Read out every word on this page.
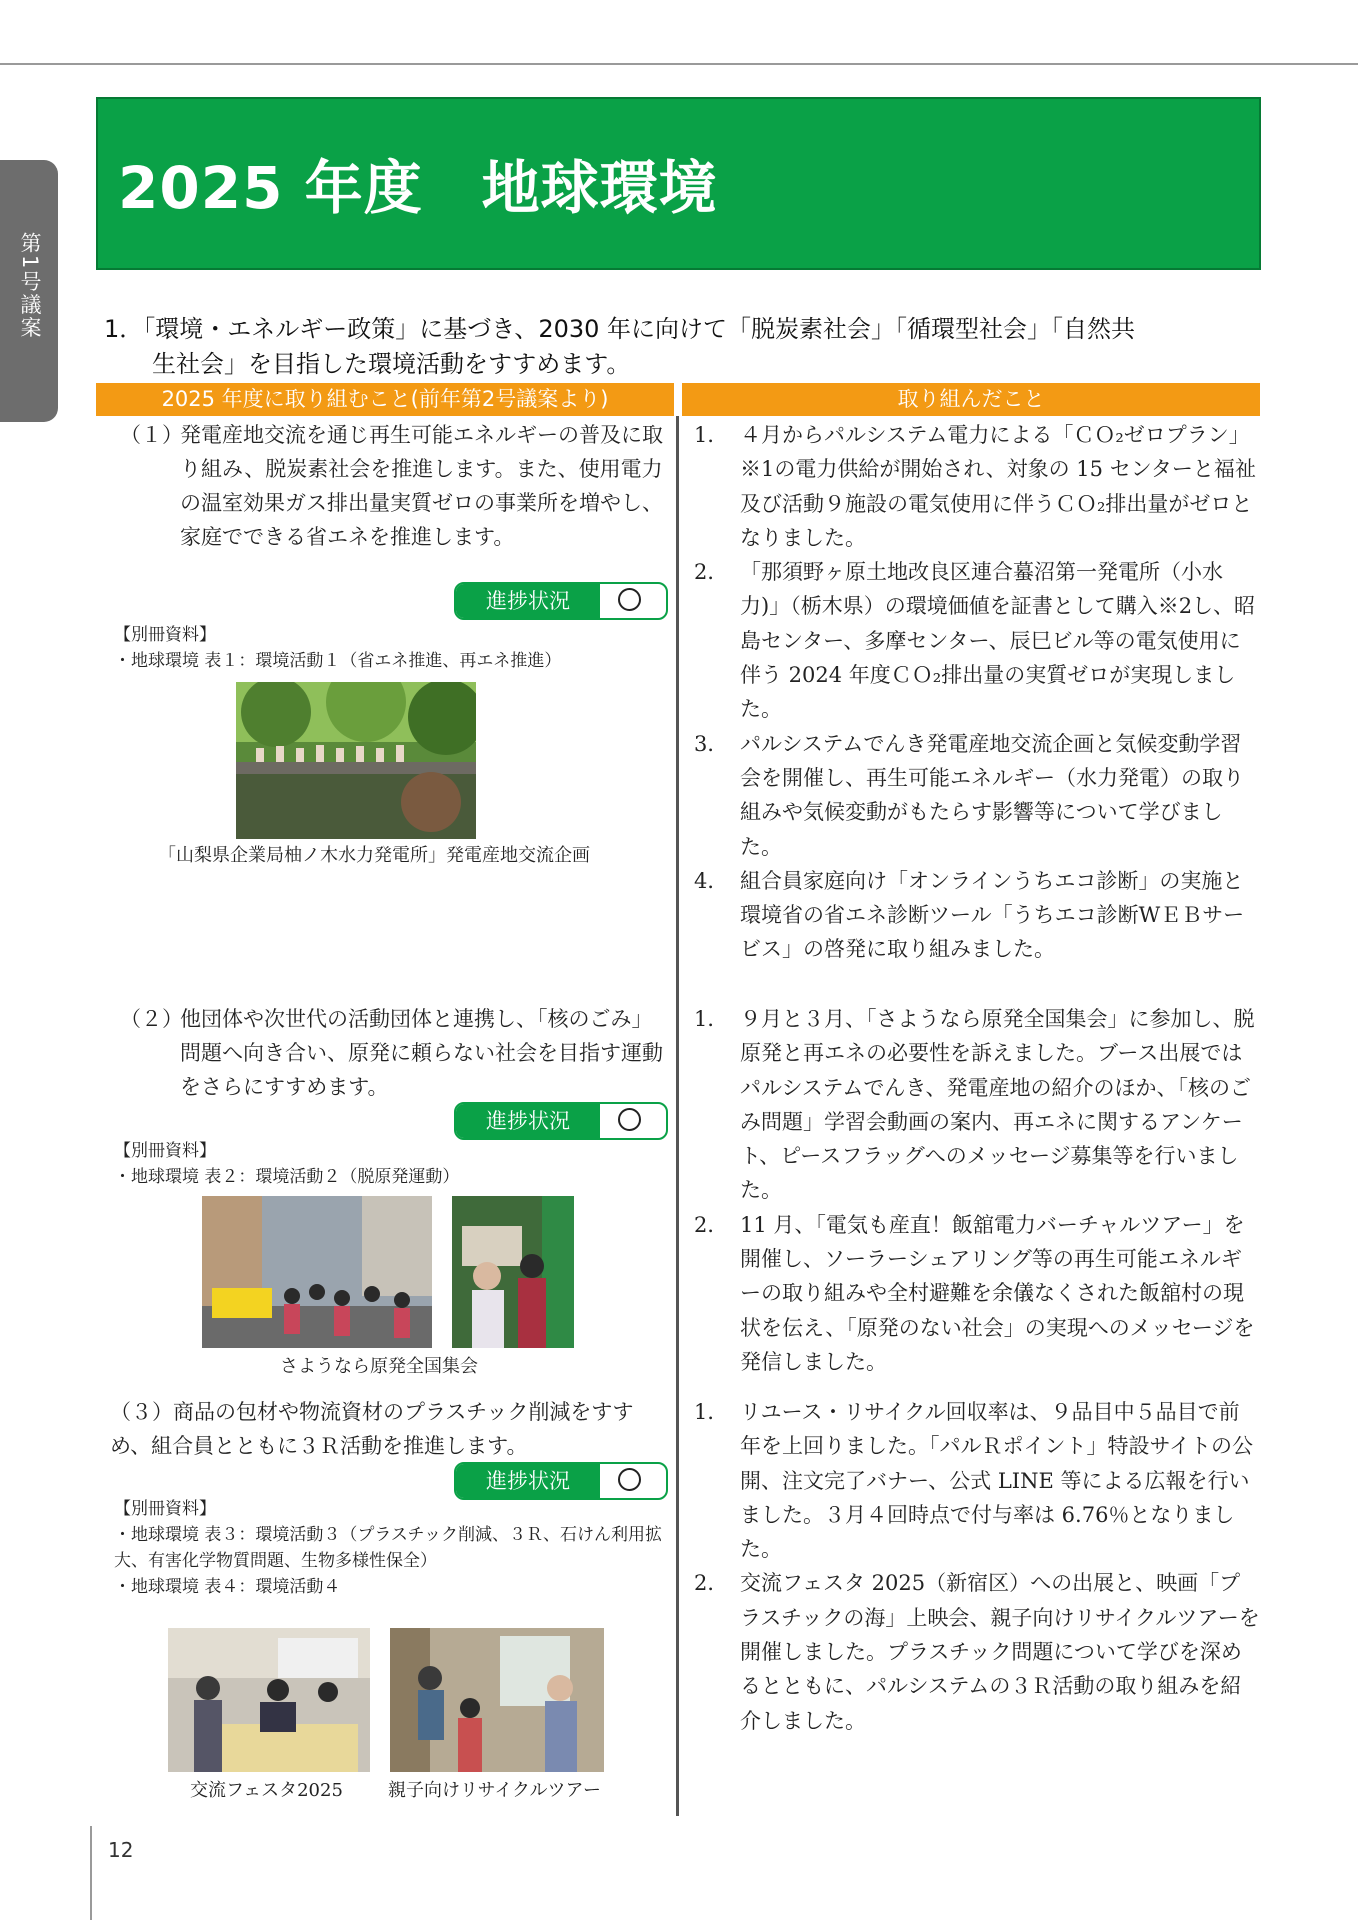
第1号議案
2025 年度　地球環境
1．「環境・エネルギー政策」に基づき、2030 年に向けて「脱炭素社会」「循環型社会」「自然共
生社会」を目指した環境活動をすすめます。
2025 年度に取り組むこと(前年第2号議案より)	取り組んだこと
（１）
発電産地交流を通じ再生可能エネルギーの普及に取り組み、脱炭素社会を推進します。また、使用電力の温室効果ガス排出量実質ゼロの事業所を増やし、家庭でできる省エネを推進します。
進捗状況
【別冊資料】
・地球環境 表１：環境活動１（省エネ推進、再エネ推進）
「山梨県企業局柚ノ木水力発電所」発電産地交流企画
1． ４月からパルシステム電力による「ＣＯ₂ゼロプラン」※1の電力供給が開始され、対象の 15 センターと福祉及び活動９施設の電気使用に伴うＣＯ₂排出量がゼロとなりました。
2． 「那須野ヶ原土地改良区連合蟇沼第一発電所（小水力)」（栃木県）の環境価値を証書として購入※2し、昭島センター、多摩センター、辰巳ビル等の電気使用に伴う 2024 年度ＣＯ₂排出量の実質ゼロが実現しました。
3． パルシステムでんき発電産地交流企画と気候変動学習会を開催し、再生可能エネルギー（水力発電）の取り組みや気候変動がもたらす影響等について学びました。
4． 組合員家庭向け「オンラインうちエコ診断」の実施と環境省の省エネ診断ツール「うちエコ診断WＥＢサービス」の啓発に取り組みました。
（２）
他団体や次世代の活動団体と連携し、「核のごみ」問題へ向き合い、原発に頼らない社会を目指す運動をさらにすすめます。
進捗状況
【別冊資料】
・地球環境 表２：環境活動２（脱原発運動）
さようなら原発全国集会
1． ９月と３月、「さようなら原発全国集会」に参加し、脱原発と再エネの必要性を訴えました。ブース出展ではパルシステムでんき、発電産地の紹介のほか、「核のごみ問題」学習会動画の案内、再エネに関するアンケート、ピースフラッグへのメッセージ募集等を行いました。
2． 11 月、「電気も産直！飯舘電力バーチャルツアー」を開催し、ソーラーシェアリング等の再生可能エネルギーの取り組みや全村避難を余儀なくされた飯舘村の現状を伝え、「原発のない社会」の実現へのメッセージを発信しました。
（３）商品の包材や物流資材のプラスチック削減をすすめ、組合員とともに３Ｒ活動を推進します。
進捗状況
【別冊資料】
・地球環境 表３：環境活動３（プラスチック削減、３Ｒ、石けん利用拡大、有害化学物質問題、生物多様性保全）
・地球環境 表４：環境活動４
交流フェスタ2025	親子向けリサイクルツアー
1． リユース・リサイクル回収率は、９品目中５品目で前年を上回りました。「パルＲポイント」特設サイトの公開、注文完了バナー、公式 LINE 等による広報を行いました。３月４回時点で付与率は 6.76％となりました。
2． 交流フェスタ 2025（新宿区）への出展と、映画「プラスチックの海」上映会、親子向けリサイクルツアーを開催しました。プラスチック問題について学びを深めるとともに、パルシステムの３Ｒ活動の取り組みを紹介しました。
12
